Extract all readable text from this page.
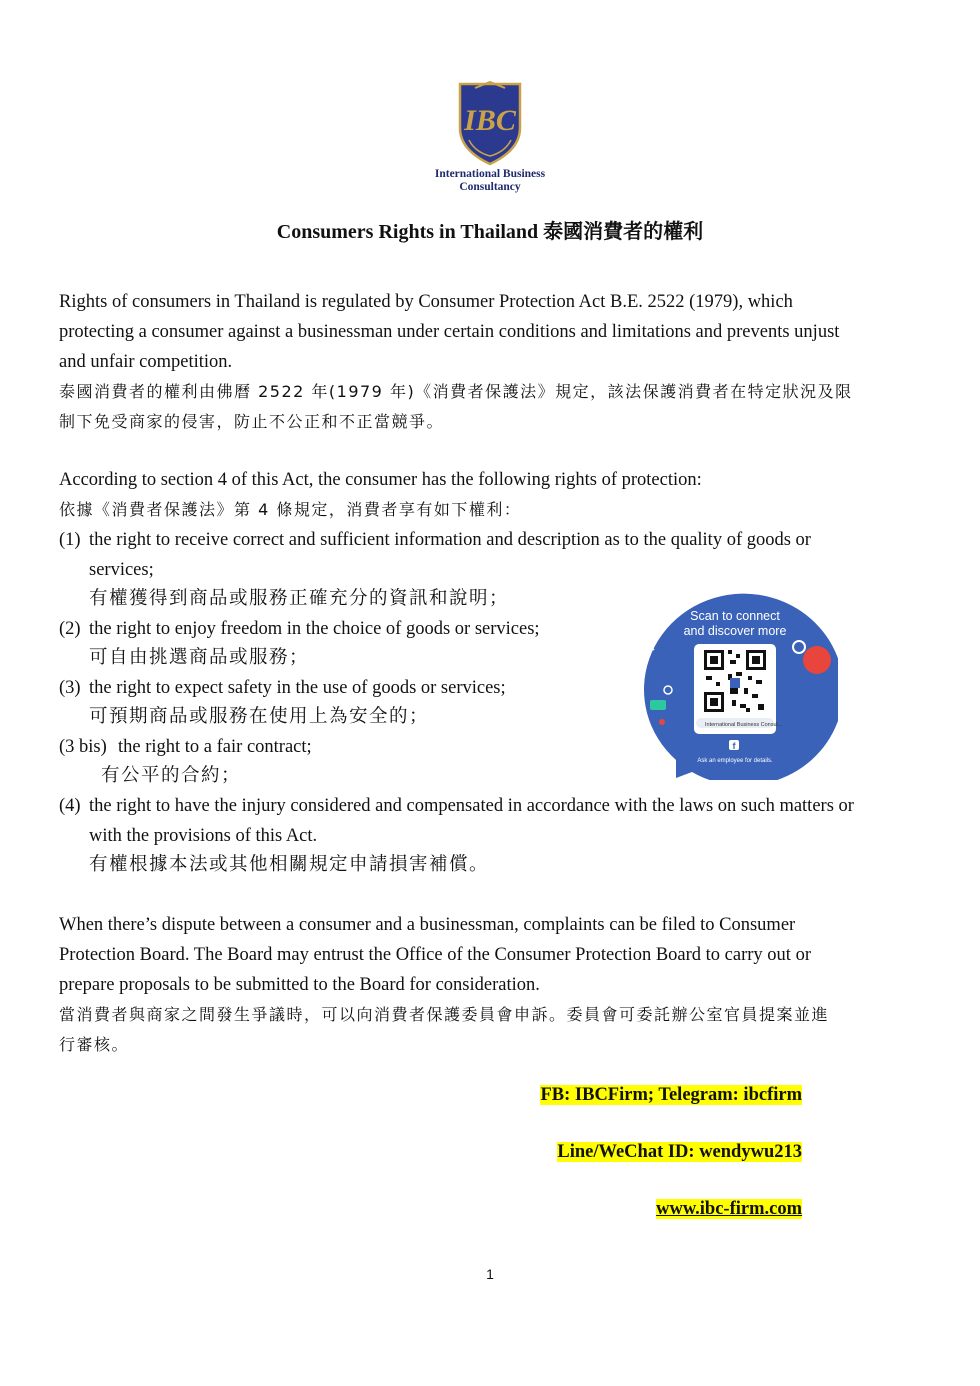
IBC
International Business
Consultancy
Consumers Rights in Thailand 泰國消費者的權利
Rights of consumers in Thailand is regulated by Consumer Protection Act B.E. 2522 (1979), which
protecting a consumer against a businessman under certain conditions and limitations and prevents unjust
and unfair competition.
泰國消費者的權利由佛曆 2522 年(1979 年)《消費者保護法》規定，該法保護消費者在特定狀況及限
制下免受商家的侵害，防止不公正和不正當競爭。
According to section 4 of this Act, the consumer has the following rights of protection:
依據《消費者保護法》第 4 條規定，消費者享有如下權利：
(1) the right to receive correct and sufficient information and description as to the quality of goods or
services;
有權獲得到商品或服務正確充分的資訊和說明；
(2) the right to enjoy freedom in the choice of goods or services;
可自由挑選商品或服務；
(3) the right to expect safety in the use of goods or services;
可預期商品或服務在使用上為安全的；
(3 bis) the right to a fair contract;
有公平的合約；
(4) the right to have the injury considered and compensated in accordance with the laws on such matters or
with the provisions of this Act.
有權根據本法或其他相關規定申請損害補償。
Scan to connect
and discover more
International Business Consul...
f
Ask an employee for details.
When there’s dispute between a consumer and a businessman, complaints can be filed to Consumer
Protection Board. The Board may entrust the Office of the Consumer Protection Board to carry out or
prepare proposals to be submitted to the Board for consideration.
當消費者與商家之間發生爭議時，可以向消費者保護委員會申訴。委員會可委託辦公室官員提案並進
行審核。
FB: IBCFirm; Telegram: ibcfirm
Line/WeChat ID: wendywu213
www.ibc-firm.com
1
